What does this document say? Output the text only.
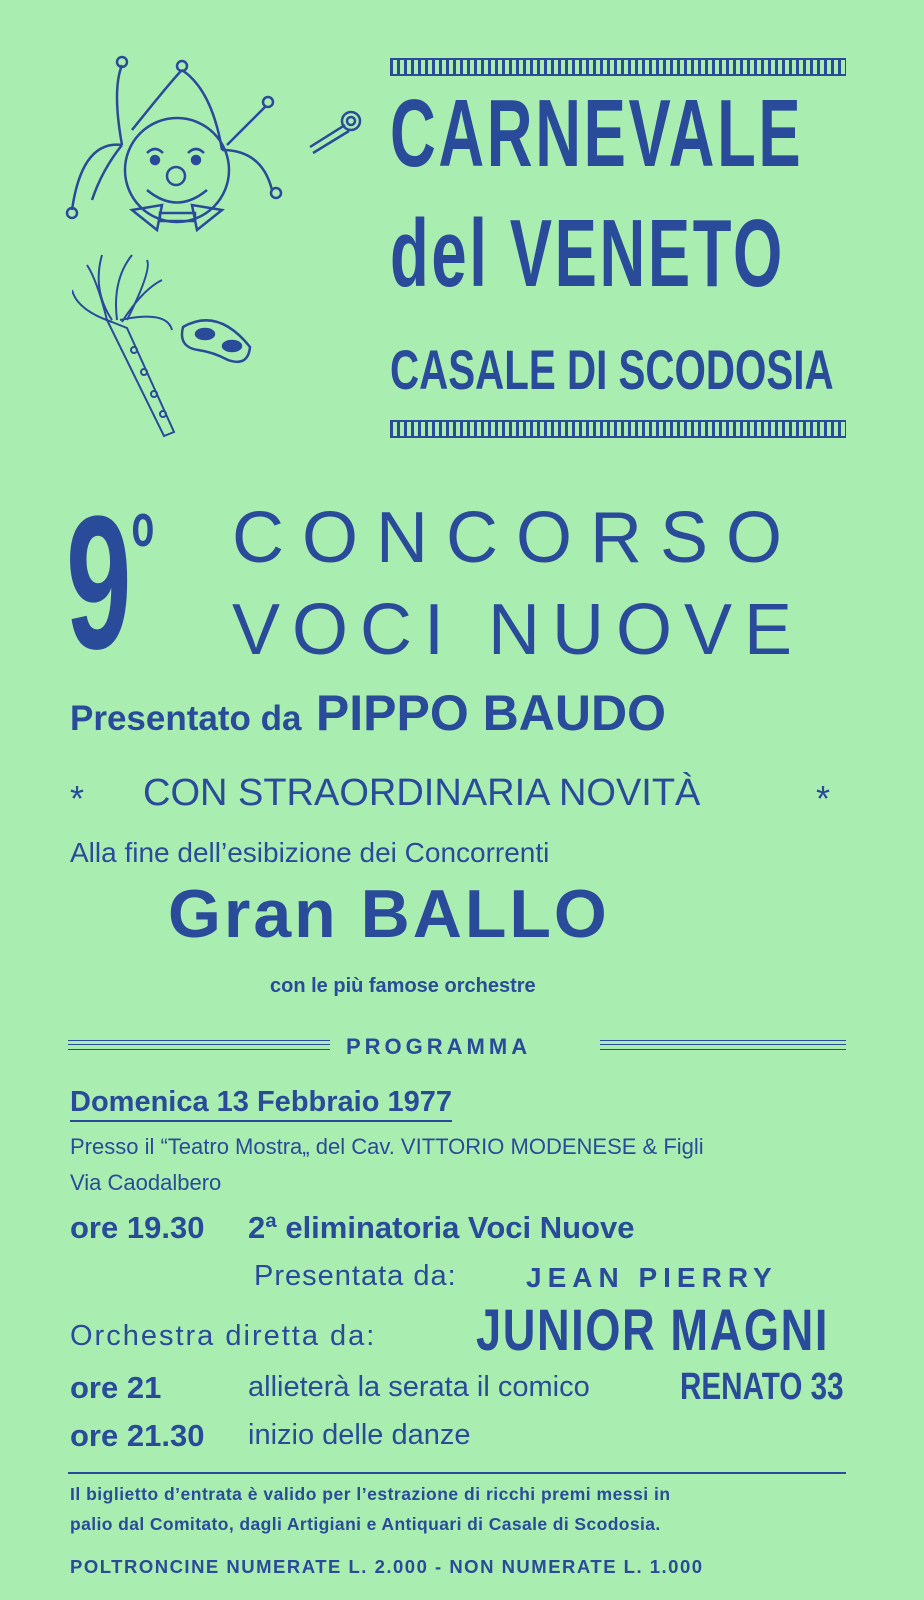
CARNEVALE
del VENETO
CASALE DI SCODOSIA
9$^o$ CONCORSO
VOCI NUOVE
Presentato da PIPPO BAUDO
* CON STRAORDINARIA NOVITÀ	*
Alla fine dell’esibizione dei Concorrenti
Gran BALLO
con le più famose orchestre
PROGRAMMA
Domenica 13 Febbraio 1977
Presso il “Teatro Mostra„ del Cav. VITTORIO MODENESE & Figli
Via Caodalbero
ore 19.30 2ª eliminatoria Voci Nuove
Presentata da: JEAN PIERRY
Orchestra diretta da: JUNIOR MAGNI
ore 21	allieterà la serata il comico RENATO 33
ore 21.30 inizio delle danze
Il biglietto d’entrata è valido per l’estrazione di ricchi premi messi in
palio dal Comitato, dagli Artigiani e Antiquari di Casale di Scodosia.
POLTRONCINE NUMERATE L. 2.000 - NON NUMERATE L. 1.000
